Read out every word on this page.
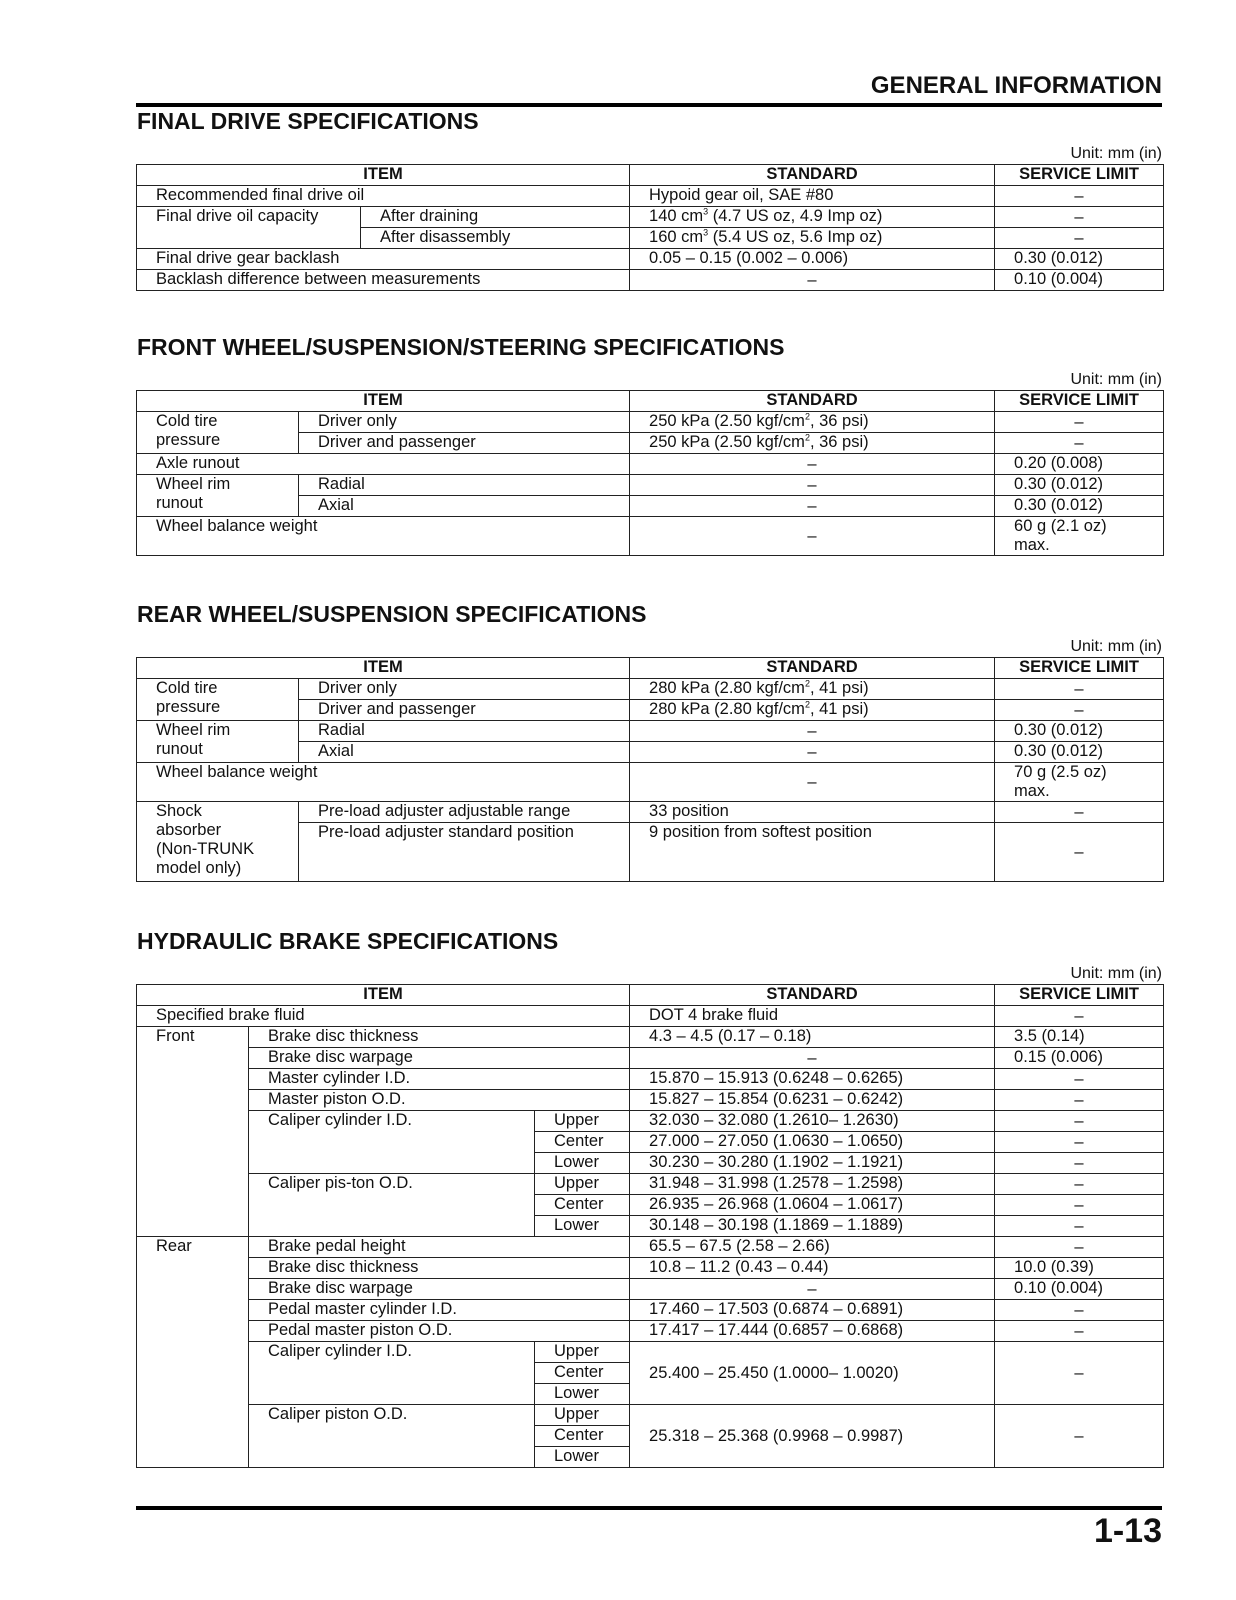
GENERAL INFORMATION
FINAL DRIVE SPECIFICATIONS
Unit: mm (in)
ITEM		STANDARD	SERVICE LIMIT
Recommended final drive oil		Hypoid gear oil, SAE #80	–
Final drive oil capacity	After draining	140 $cm^3$ (4.7 US oz, 4.9 Imp oz)	–
	After disassembly	160 $cm^3$ (5.4 US oz, 5.6 Imp oz)	–
Final drive gear backlash		0.05 – 0.15 (0.002 – 0.006)	0.30 (0.012)
Backlash difference between measurements		–	0.10 (0.004)
FRONT WHEEL/SUSPENSION/STEERING SPECIFICATIONS
Unit: mm (in)
ITEM		STANDARD	SERVICE LIMIT
Cold tire
pressure	Driver only	250 kPa (2.50 kgf/$cm^2$, 36 psi)	–
	Driver and passenger	250 kPa (2.50 kgf/$cm^2$, 36 psi)	–
Axle runout		–	0.20 (0.008)
Wheel rim
runout	Radial	–	0.30 (0.012)
	Axial	–	0.30 (0.012)
Wheel balance weight		–	60 g (2.1 oz)
max.
REAR WHEEL/SUSPENSION SPECIFICATIONS
Unit: mm (in)
ITEM		STANDARD	SERVICE LIMIT
Cold tire
pressure	Driver only	280 kPa (2.80 kgf/$cm^2$, 41 psi)	–
	Driver and passenger	280 kPa (2.80 kgf/$cm^2$, 41 psi)	–
Wheel rim
runout	Radial	–	0.30 (0.012)
	Axial	–	0.30 (0.012)
Wheel balance weight		–	70 g (2.5 oz)
max.
Shock
absorber
(Non-TRUNK
model only)	Pre-load adjuster adjustable range	33 position	–
	Pre-load adjuster standard position	9 position from softest position	–
HYDRAULIC BRAKE SPECIFICATIONS
Unit: mm (in)
ITEM			STANDARD	SERVICE LIMIT
Specified brake fluid			DOT 4 brake fluid	–
Front	Brake disc thickness		4.3 – 4.5 (0.17 – 0.18)	3.5 (0.14)
	Brake disc warpage		–	0.15 (0.006)
	Master cylinder I.D.		15.870 – 15.913 (0.6248 – 0.6265)	–
	Master piston O.D.		15.827 – 15.854 (0.6231 – 0.6242)	–
	Caliper cylinder I.D.	Upper	32.030 – 32.080 (1.2610– 1.2630)	–
		Center	27.000 – 27.050 (1.0630 – 1.0650)	–
		Lower	30.230 – 30.280 (1.1902 – 1.1921)	–
	Caliper pis-ton O.D.	Upper	31.948 – 31.998 (1.2578 – 1.2598)	–
		Center	26.935 – 26.968 (1.0604 – 1.0617)	–
		Lower	30.148 – 30.198 (1.1869 – 1.1889)	–
Rear	Brake pedal height		65.5 – 67.5 (2.58 – 2.66)	–
	Brake disc thickness		10.8 – 11.2 (0.43 – 0.44)	10.0 (0.39)
	Brake disc warpage		–	0.10 (0.004)
	Pedal master cylinder I.D.		17.460 – 17.503 (0.6874 – 0.6891)	–
	Pedal master piston O.D.		17.417 – 17.444 (0.6857 – 0.6868)	–
	Caliper cylinder I.D.	Upper	25.400 – 25.450 (1.0000– 1.0020)	–
		Center		
		Lower		
	Caliper piston O.D.	Upper	25.318 – 25.368 (0.9968 – 0.9987)	–
		Center		
		Lower		
1-13
